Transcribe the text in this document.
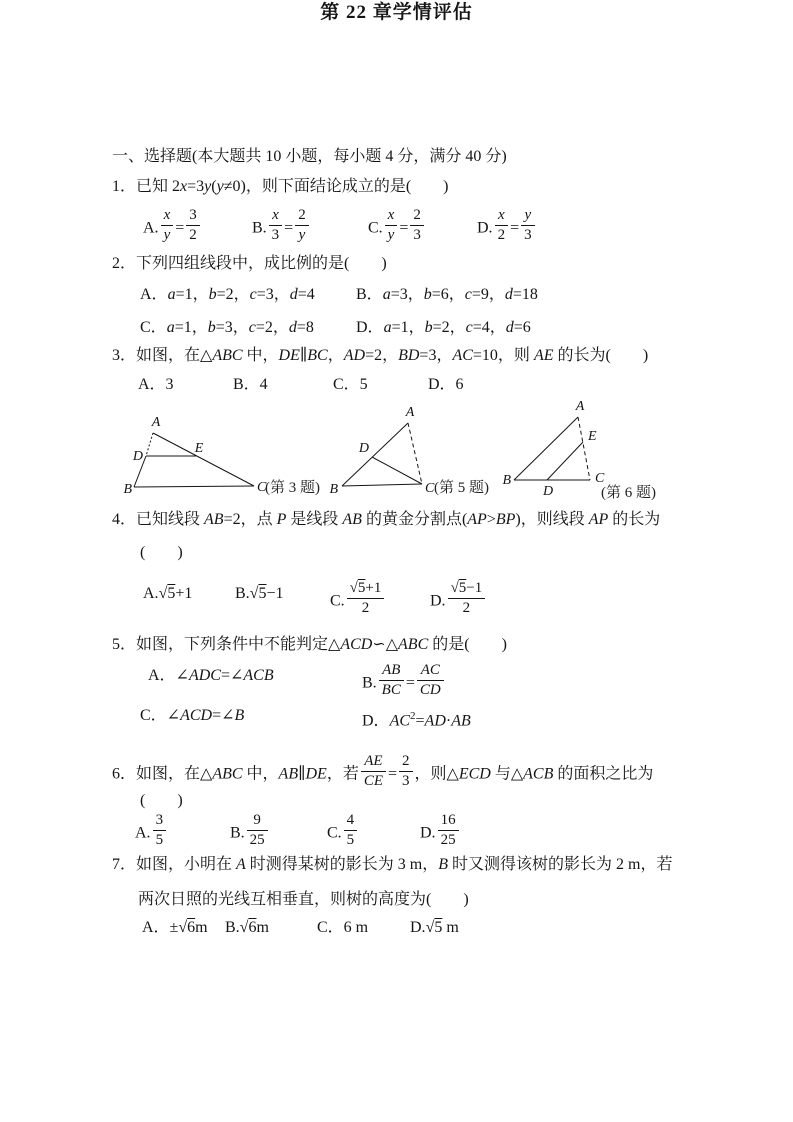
第 22 章学情评估
一、选择题(本大题共 10 小题，每小题 4 分，满分 40 分)
1．已知 2x=3y(y≠0)，则下面结论成立的是(　　)
A. $\frac{x}{y} = \frac{3}{2}$	B. $\frac{x}{3} = \frac{2}{y}$	C. $\frac{x}{y} = \frac{2}{3}$	D. $\frac{x}{2} = \frac{y}{3}$
2．下列四组线段中，成比例的是(　　)
A．a=1，b=2，c=3，d=4	B．a=3，b=6，c=9，d=18
C．a=1，b=3，c=2，d=8	D．a=1，b=2，c=4，d=6
3．如图，在△ABC 中，DE∥BC，AD=2，BD=3，AC=10，则 AE 的长为(　　)
A．3	B．4	C．5	D．6
A
D
E
B	C
(第 3 题)
A
D
B	C (第 5 题)
A
E
B	C
D	(第 6 题)
4．已知线段 AB=2，点 P 是线段 AB 的黄金分割点(AP>BP)，则线段 AP 的长为
(　　)
A.√5+1	B.√5−1	C. $\frac{√5+1}{2}$	D. $\frac{√5-1}{2}$
5．如图，下列条件中不能判定△ACD∽△ABC 的是(　　)
A．∠ADC=∠ACB	B. $\frac{AB}{BC} = \frac{AC}{CD}$
C．∠ACD=∠B	D．$AC^2=AD\cdot AB$
6．如图，在△ABC 中，AB∥DE，若 $\frac{AE}{CE} = \frac{2}{3}$ ，则△ECD 与△ACB 的面积之比为
(　　)
A. $\frac{3}{5}$	B. $\frac{9}{25}$	C. $\frac{4}{5}$	D. $\frac{16}{25}$
7．如图，小明在 A 时测得某树的影长为 3 m，B 时又测得该树的影长为 2 m，若
两次日照的光线互相垂直，则树的高度为(　　)
A．±√6m B.√6m	C．6 m	D.√5 m
